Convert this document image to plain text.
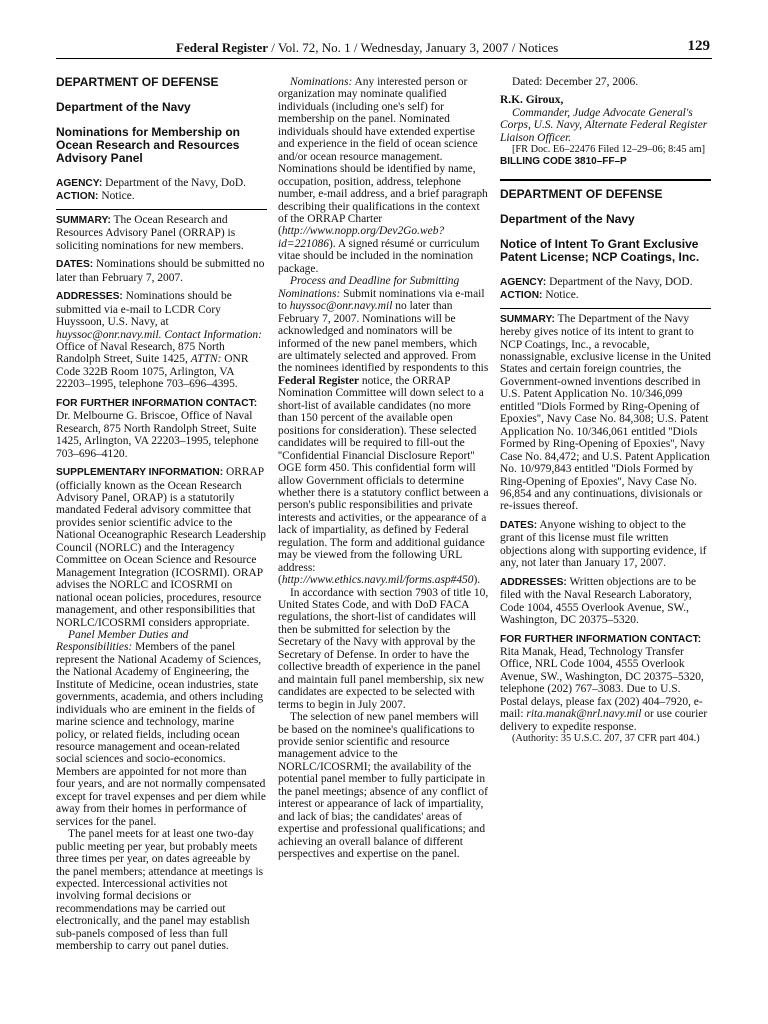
Federal Register / Vol. 72, No. 1 / Wednesday, January 3, 2007 / Notices	129

DEPARTMENT OF DEFENSE

Department of the Navy

Nominations for Membership on Ocean Research and Resources Advisory Panel

AGENCY: Department of the Navy, DoD.

ACTION: Notice.

SUMMARY: The Ocean Research and Resources Advisory Panel (ORRAP) is soliciting nominations for new members.

DATES: Nominations should be submitted no later than February 7, 2007.

ADDRESSES: Nominations should be submitted via e-mail to LCDR Cory Huyssoon, U.S. Navy, at huyssoc@onr.navy.mil. Contact Information: Office of Naval Research, 875 North Randolph Street, Suite 1425, ATTN: ONR Code 322B Room 1075, Arlington, VA 22203–1995, telephone 703–696–4395.

FOR FURTHER INFORMATION CONTACT: Dr. Melbourne G. Briscoe, Office of Naval Research, 875 North Randolph Street, Suite 1425, Arlington, VA 22203–1995, telephone 703–696–4120.

SUPPLEMENTARY INFORMATION: ORRAP (officially known as the Ocean Research Advisory Panel, ORAP) is a statutorily mandated Federal advisory committee that provides senior scientific advice to the National Oceanographic Research Leadership Council (NORLC) and the Interagency Committee on Ocean Science and Resource Management Integration (ICOSRMI). ORAP advises the NORLC and ICOSRMI on national ocean policies, procedures, resource management, and other responsibilities that NORLC/ICOSRMI considers appropriate.

Panel Member Duties and Responsibilities: Members of the panel represent the National Academy of Sciences, the National Academy of Engineering, the Institute of Medicine, ocean industries, state governments, academia, and others including individuals who are eminent in the fields of marine science and technology, marine policy, or related fields, including ocean resource management and ocean-related social sciences and socio-economics. Members are appointed for not more than four years, and are not normally compensated except for travel expenses and per diem while away from their homes in performance of services for the panel.

The panel meets for at least one two-day public meeting per year, but probably meets three times per year, on dates agreeable by the panel members; attendance at meetings is expected. Intercessional activities not involving formal decisions or recommendations may be carried out electronically, and the panel may establish sub-panels composed of less than full membership to carry out panel duties.

Nominations: Any interested person or organization may nominate qualified individuals (including one's self) for membership on the panel. Nominated individuals should have extended expertise and experience in the field of ocean science and/or ocean resource management. Nominations should be identified by name, occupation, position, address, telephone number, e-mail address, and a brief paragraph describing their qualifications in the context of the ORRAP Charter (http://www.nopp.org/Dev2Go.web?id=221086). A signed résumé or curriculum vitae should be included in the nomination package.

Process and Deadline for Submitting Nominations: Submit nominations via e-mail to huyssoc@onr.navy.mil no later than February 7, 2007. Nominations will be acknowledged and nominators will be informed of the new panel members, which are ultimately selected and approved. From the nominees identified by respondents to this Federal Register notice, the ORRAP Nomination Committee will down select to a short-list of available candidates (no more than 150 percent of the available open positions for consideration). These selected candidates will be required to fill-out the ''Confidential Financial Disclosure Report'' OGE form 450. This confidential form will allow Government officials to determine whether there is a statutory conflict between a person's public responsibilities and private interests and activities, or the appearance of a lack of impartiality, as defined by Federal regulation. The form and additional guidance may be viewed from the following URL address: (http://www.ethics.navy.mil/forms.asp#450).

In accordance with section 7903 of title 10, United States Code, and with DoD FACA regulations, the short-list of candidates will then be submitted for selection by the Secretary of the Navy with approval by the Secretary of Defense. In order to have the collective breadth of experience in the panel and maintain full panel membership, six new candidates are expected to be selected with terms to begin in July 2007.

The selection of new panel members will be based on the nominee's qualifications to provide senior scientific and resource management advice to the NORLC/ICOSRMI; the availability of the potential panel member to fully participate in the panel meetings; absence of any conflict of interest or appearance of lack of impartiality, and lack of bias; the candidates' areas of expertise and professional qualifications; and achieving an overall balance of different perspectives and expertise on the panel.

Dated: December 27, 2006.

R.K. Giroux,

Commander, Judge Advocate General's Corps, U.S. Navy, Alternate Federal Register Liaison Officer.

[FR Doc. E6–22476 Filed 12–29–06; 8:45 am]

BILLING CODE 3810–FF–P

DEPARTMENT OF DEFENSE

Department of the Navy

Notice of Intent To Grant Exclusive Patent License; NCP Coatings, Inc.

AGENCY: Department of the Navy, DOD.

ACTION: Notice.

SUMMARY: The Department of the Navy hereby gives notice of its intent to grant to NCP Coatings, Inc., a revocable, nonassignable, exclusive license in the United States and certain foreign countries, the Government-owned inventions described in U.S. Patent Application No. 10/346,099 entitled ''Diols Formed by Ring-Opening of Epoxies'', Navy Case No. 84,308; U.S. Patent Application No. 10/346,061 entitled ''Diols Formed by Ring-Opening of Epoxies'', Navy Case No. 84,472; and U.S. Patent Application No. 10/979,843 entitled ''Diols Formed by Ring-Opening of Epoxies'', Navy Case No. 96,854 and any continuations, divisionals or re-issues thereof.

DATES: Anyone wishing to object to the grant of this license must file written objections along with supporting evidence, if any, not later than January 17, 2007.

ADDRESSES: Written objections are to be filed with the Naval Research Laboratory, Code 1004, 4555 Overlook Avenue, SW., Washington, DC 20375–5320.

FOR FURTHER INFORMATION CONTACT: Rita Manak, Head, Technology Transfer Office, NRL Code 1004, 4555 Overlook Avenue, SW., Washington, DC 20375–5320, telephone (202) 767–3083. Due to U.S. Postal delays, please fax (202) 404–7920, e-mail: rita.manak@nrl.navy.mil or use courier delivery to expedite response.

(Authority: 35 U.S.C. 207, 37 CFR part 404.)
